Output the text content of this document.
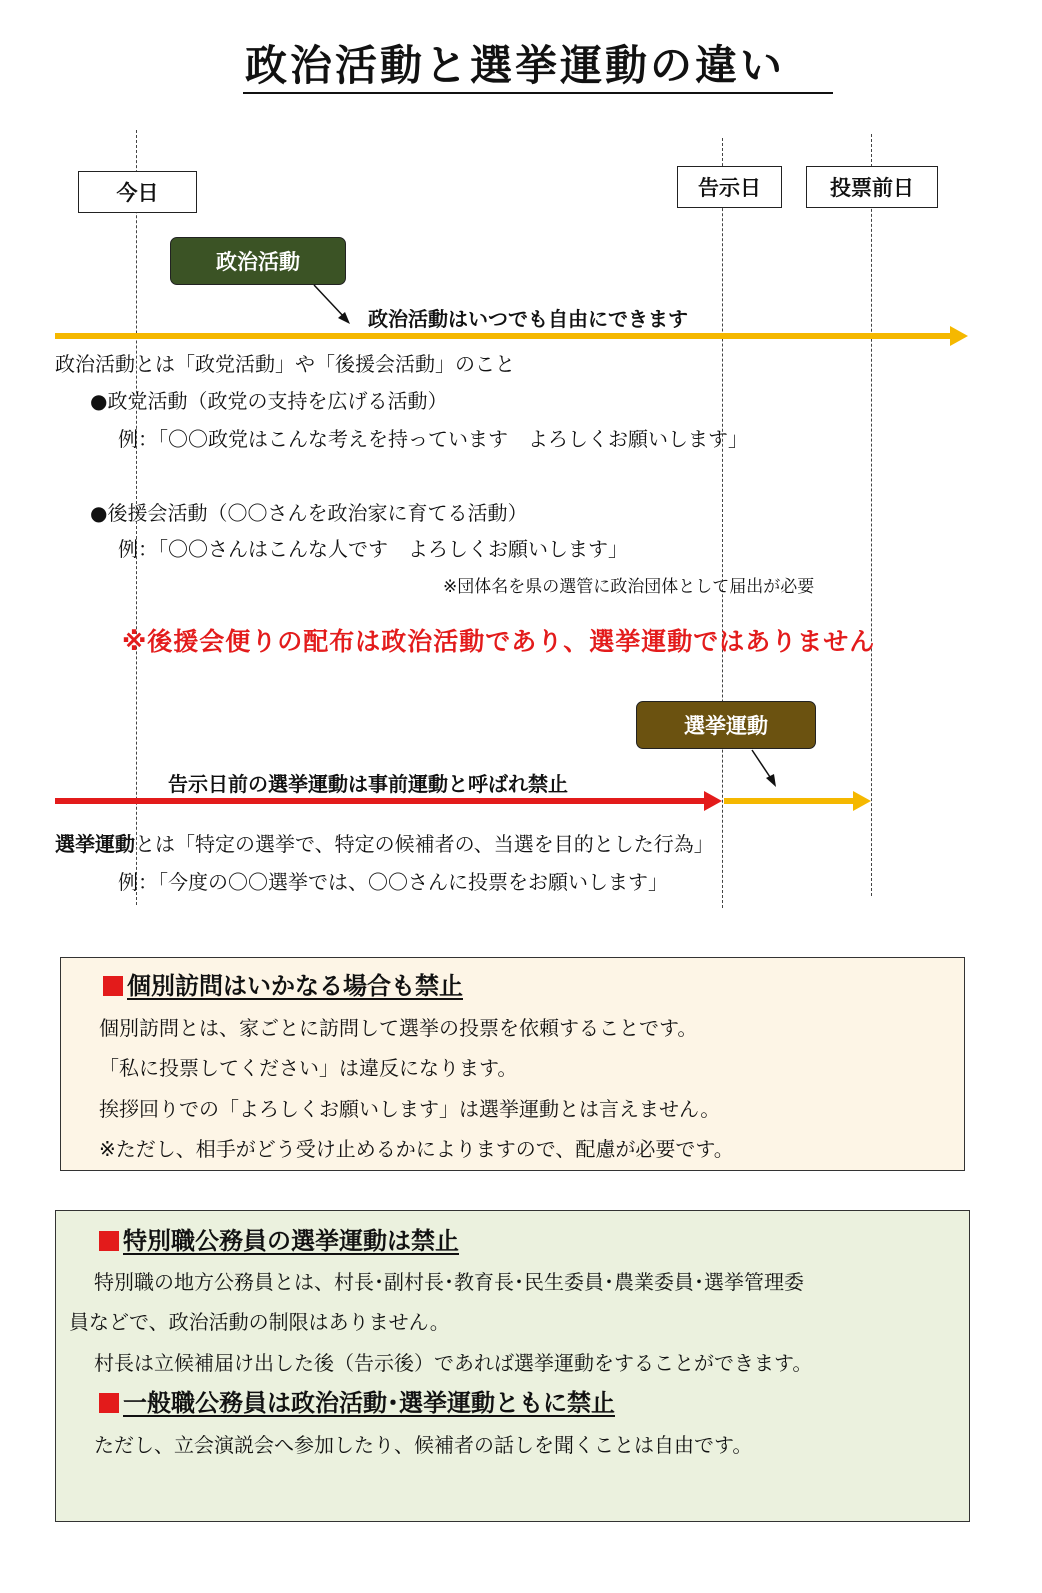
政治活動と選挙運動の違い
今日	告示日	投票前日
政治活動
選挙運動
政治活動はいつでも自由にできます
政治活動とは「政党活動」や「後援会活動」のこと
●政党活動（政党の支持を広げる活動）
例：「〇〇政党はこんな考えを持っています　よろしくお願いします」
●後援会活動（〇〇さんを政治家に育てる活動）
例：「〇〇さんはこんな人です　よろしくお願いします」
※団体名を県の選管に政治団体として届出が必要
※後援会便りの配布は政治活動であり、選挙運動ではありません
告示日前の選挙運動は事前運動と呼ばれ禁止
選挙運動とは「特定の選挙で、特定の候補者の、当選を目的とした行為」
例：「今度の〇〇選挙では、〇〇さんに投票をお願いします」
個別訪問はいかなる場合も禁止
個別訪問とは、家ごとに訪問して選挙の投票を依頼することです。
「私に投票してください」は違反になります。
挨拶回りでの「よろしくお願いします」は選挙運動とは言えません。
※ただし、相手がどう受け止めるかによりますので、配慮が必要です。
特別職公務員の選挙運動は禁止
特別職の地方公務員とは、村長･副村長･教育長･民生委員･農業委員･選挙管理委
員などで、政治活動の制限はありません。
村長は立候補届け出した後（告示後）であれば選挙運動をすることができます。
一般職公務員は政治活動･選挙運動ともに禁止
ただし、立会演説会へ参加したり、候補者の話しを聞くことは自由です。
